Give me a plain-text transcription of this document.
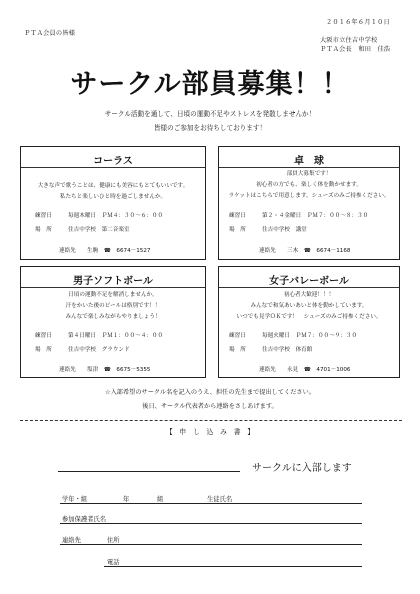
２０１６年６月１０日
ＰＴＡ会員の皆様
大阪市立住吉中学校
ＰＴＡ会長　和田　佳浩
サークル部員募集！！
サークル活動を通して、日頃の運動不足やストレスを発散しませんか！
皆様のご参加をお待ちしております！
コーラス
大きな声で歌うことは、健康にも美容にもとてもいいです。
私たちと楽しいひと時を過ごしませんか。
練習日	毎週木曜日　ＰＭ４：３０～６：００
場　所	住吉中学校　第二音楽室
連絡先　　 生駒　 ☎　 6674－1527
卓　球
部員大募集です！
初心者の方でも、楽しく体を動かせます。
ラケットはこちらで用意します。シューズのみご持参ください。
練習日	第２・４金曜日　ＰＭ７：００～８：３０
場　所	住吉中学校　講堂
連絡先　　 三木　 ☎　 6674－1168
男子ソフトボール
日頃の運動不足を解消しませんか。
汗をかいた後のビールは格別です！！
みんなで楽しみながらやりましょう！
練習日	第４日曜日　ＰＭ１：００～４：００
場　所	住吉中学校　グラウンド
連絡先　　 塩津　 ☎　 6675－5355
女子バレーボール
初心者大歓迎！！！
みんなで和気あいあいと体を動かしています。
いつでも見学ＯＫです！　シューズのみご持参ください。
練習日	毎週火曜日　ＰＭ７：００～９：３０
場　所	住吉中学校　体育館
連絡先　　 永見　 ☎　 4701－1006
☆入部希望のサークル名を記入のうえ、担任の先生まで提出してください。
後日、サークル代表者から連絡をさしあげます。
【　申　し　込　み　書　】
サークルに入部します
学年・組	年	組	生徒氏名
参加保護者氏名
連絡先	住所
電話
